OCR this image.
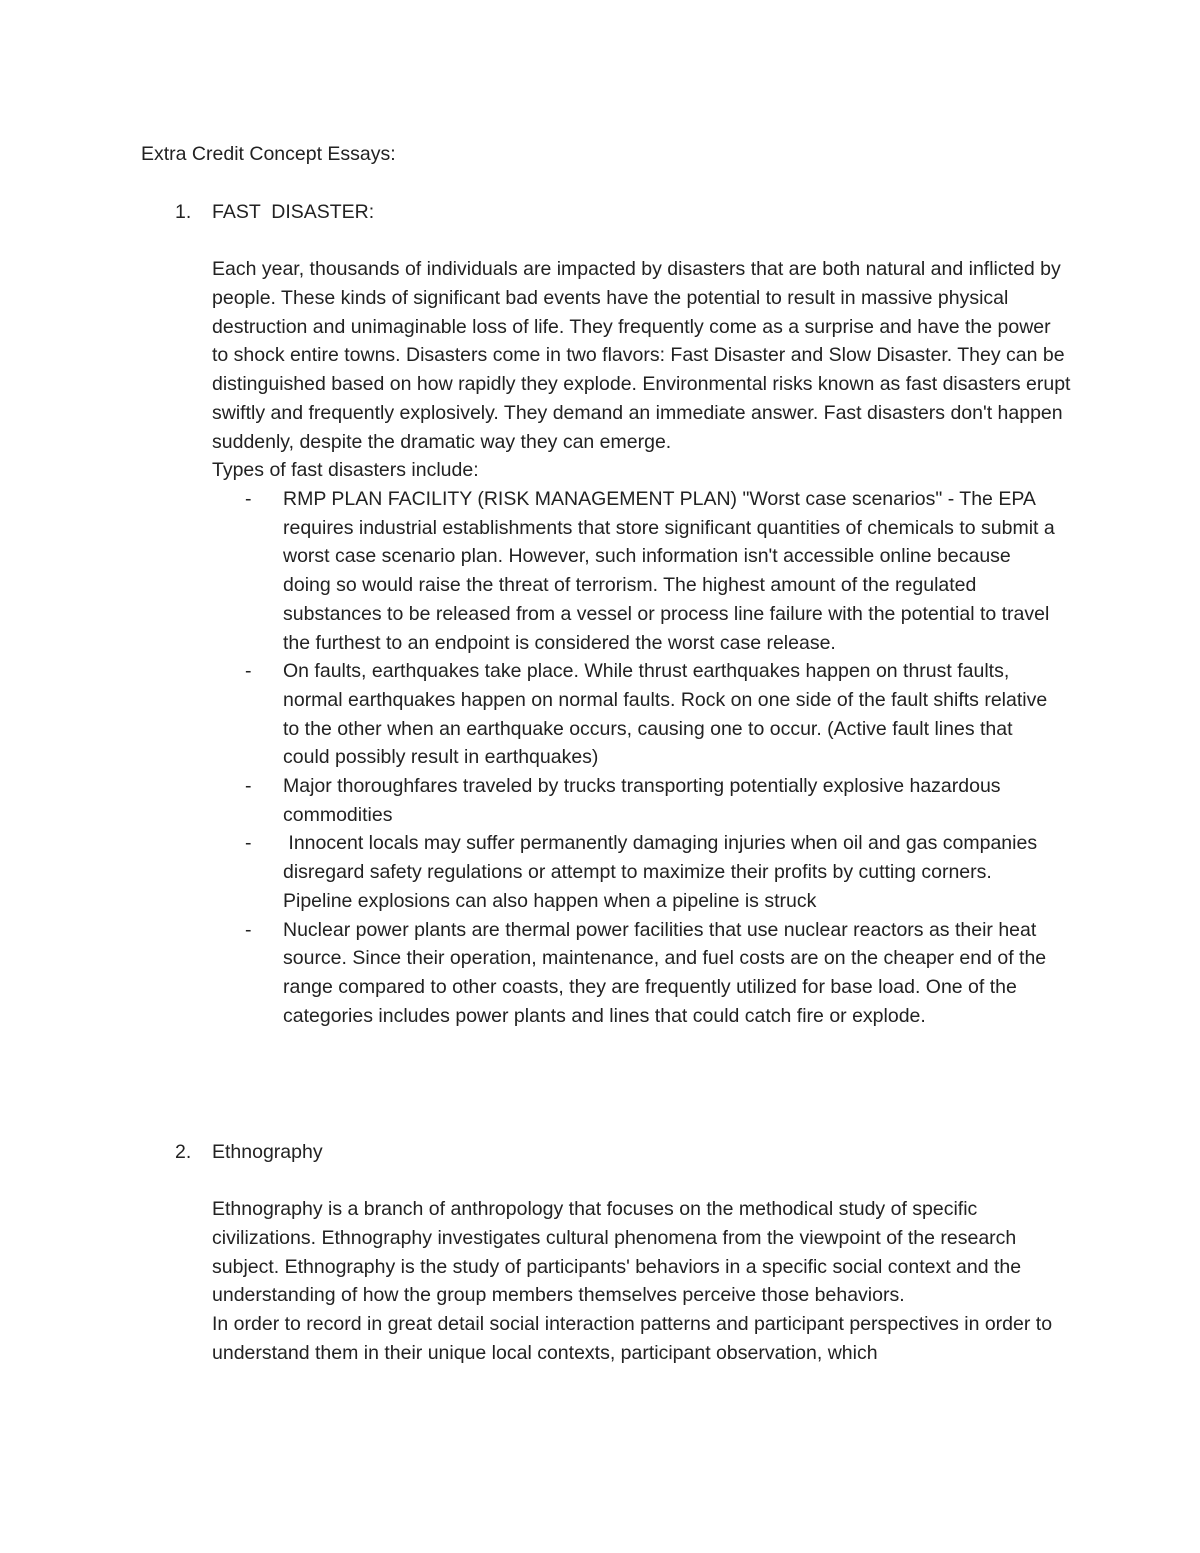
Extra Credit Concept Essays:
1. FAST  DISASTER:

Each year, thousands of individuals are impacted by disasters that are both natural and inflicted by people. These kinds of significant bad events have the potential to result in massive physical destruction and unimaginable loss of life. They frequently come as a surprise and have the power to shock entire towns. Disasters come in two flavors: Fast Disaster and Slow Disaster. They can be distinguished based on how rapidly they explode. Environmental risks known as fast disasters erupt swiftly and frequently explosively. They demand an immediate answer. Fast disasters don't happen suddenly, despite the dramatic way they can emerge.

Types of fast disasters include:

- RMP PLAN FACILITY (RISK MANAGEMENT PLAN) "Worst case scenarios" - The EPA requires industrial establishments that store significant quantities of chemicals to submit a worst case scenario plan. However, such information isn't accessible online because doing so would raise the threat of terrorism. The highest amount of the regulated substances to be released from a vessel or process line failure with the potential to travel the furthest to an endpoint is considered the worst case release.
- On faults, earthquakes take place. While thrust earthquakes happen on thrust faults, normal earthquakes happen on normal faults. Rock on one side of the fault shifts relative to the other when an earthquake occurs, causing one to occur. (Active fault lines that could possibly result in earthquakes)
- Major thoroughfares traveled by trucks transporting potentially explosive hazardous commodities
- Innocent locals may suffer permanently damaging injuries when oil and gas companies disregard safety regulations or attempt to maximize their profits by cutting corners. Pipeline explosions can also happen when a pipeline is struck
- Nuclear power plants are thermal power facilities that use nuclear reactors as their heat source. Since their operation, maintenance, and fuel costs are on the cheaper end of the range compared to other coasts, they are frequently utilized for base load. One of the categories includes power plants and lines that could catch fire or explode.
2. Ethnography

Ethnography is a branch of anthropology that focuses on the methodical study of specific civilizations. Ethnography investigates cultural phenomena from the viewpoint of the research subject. Ethnography is the study of participants' behaviors in a specific social context and the understanding of how the group members themselves perceive those behaviors.

In order to record in great detail social interaction patterns and participant perspectives in order to understand them in their unique local contexts, participant observation, which
